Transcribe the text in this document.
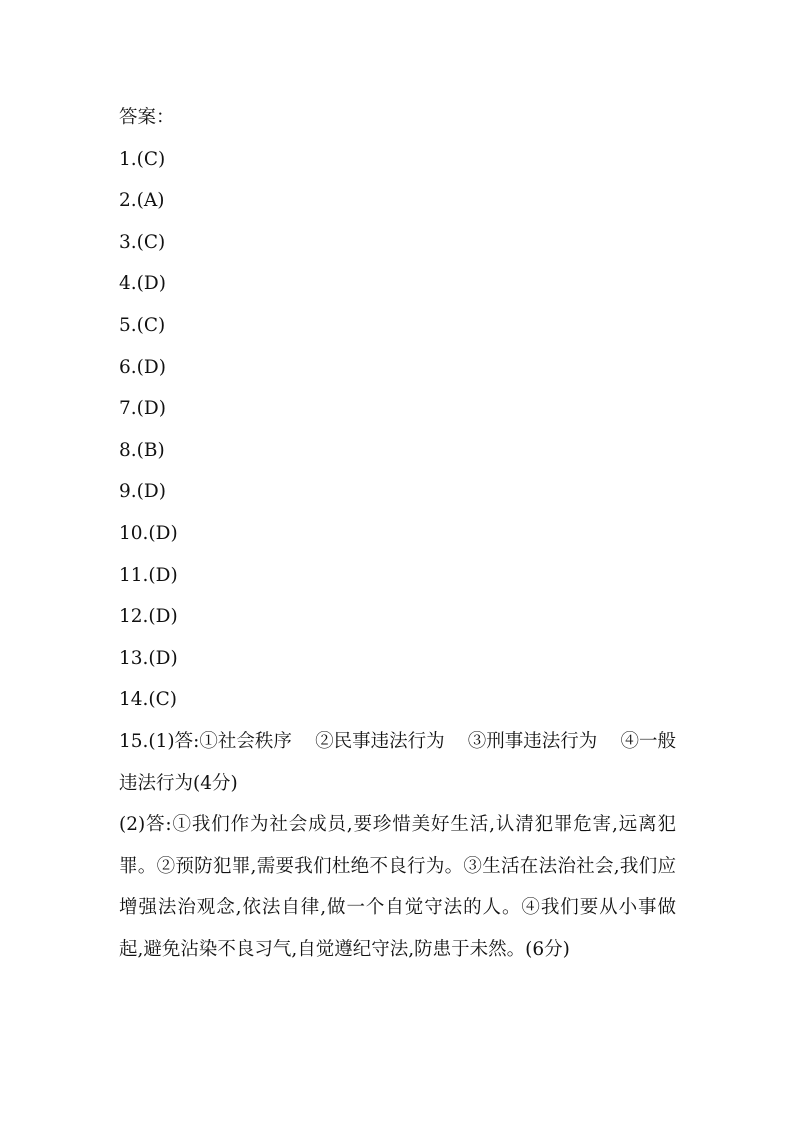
答案：
1.(C)
2.(A)
3.(C)
4.(D)
5.(C)
6.(D)
7.(D)
8.(B)
9.(D)
10.(D)
11.(D)
12.(D)
13.(D)
14.(C)
15.(1)答:①社会秩序 ②民事违法行为 ③刑事违法行为 ④一般
违法行为(4分)
(2)答:①我们作为社会成员,要珍惜美好生活,认清犯罪危害,远离犯
罪。②预防犯罪,需要我们杜绝不良行为。③生活在法治社会,我们应
增强法治观念,依法自律,做一个自觉守法的人。④我们要从小事做
起,避免沾染不良习气,自觉遵纪守法,防患于未然。(6分)
